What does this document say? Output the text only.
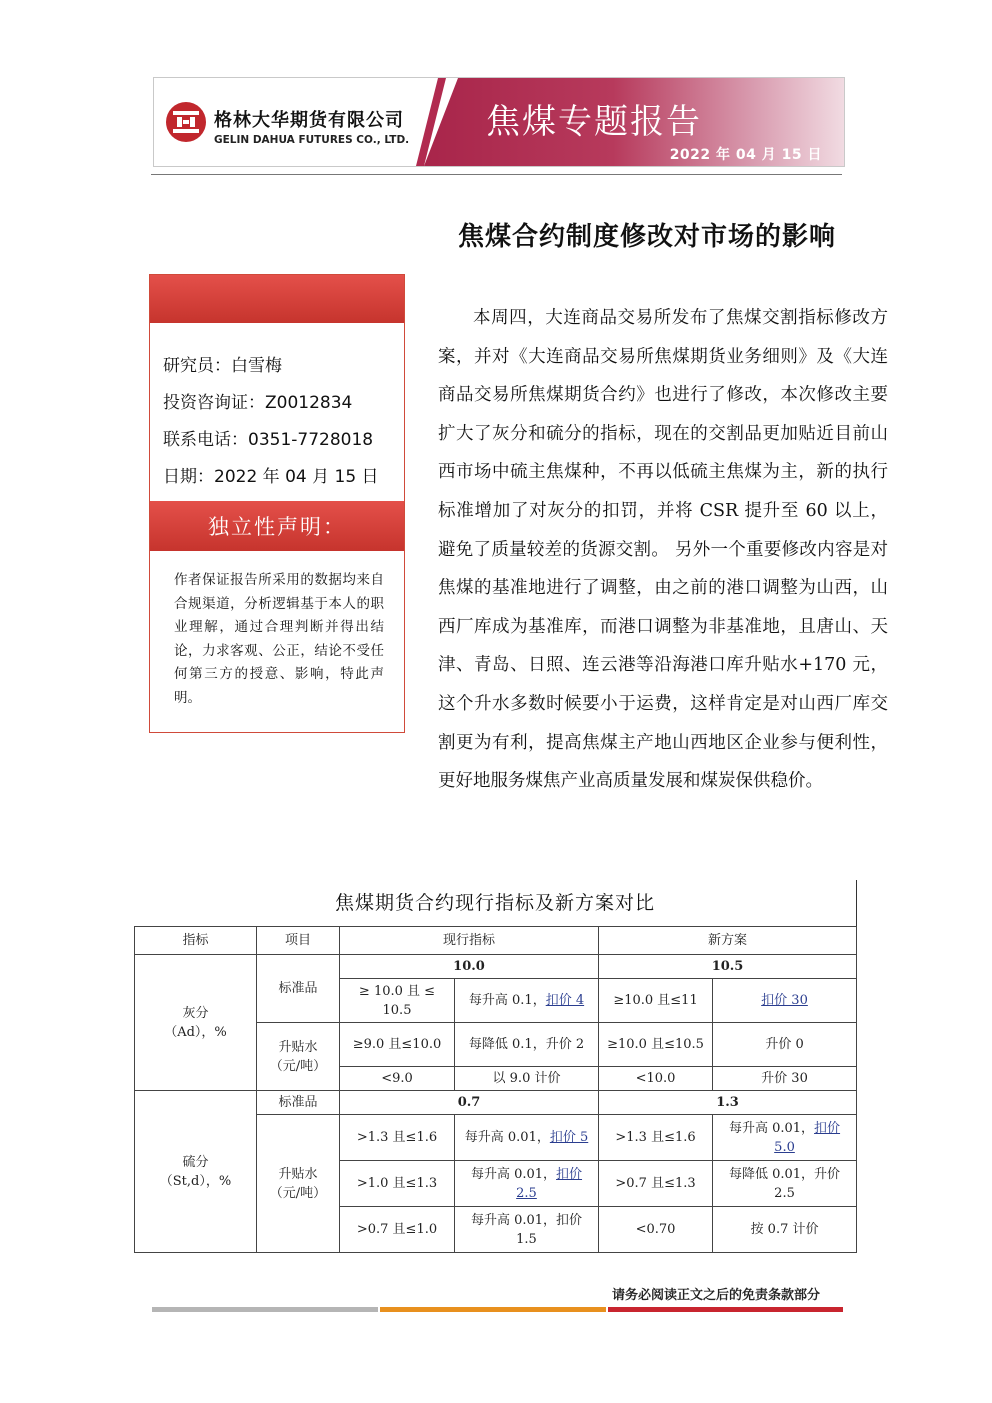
格林大华期货有限公司
GELIN DAHUA FUTURES CO., LTD. 焦煤专题报告
2022 年 04 月 15 日
焦煤合约制度修改对市场的影响
研究员：白雪梅
投资咨询证：Z0012834
联系电话：0351-7728018
日期：2022 年 04 月 15 日
独立性声明：
作者保证报告所采用的数据均来自合规渠道，分析逻辑基于本人的职业理解，通过合理判断并得出结论，力求客观、公正，结论不受任何第三方的授意、影响，特此声明。

本周四，大连商品交易所发布了焦煤交割指标修改方案，并对《大连商品交易所焦煤期货业务细则》及《大连商品交易所焦煤期货合约》也进行了修改，本次修改主要扩大了灰分和硫分的指标，现在的交割品更加贴近目前山西市场中硫主焦煤种，不再以低硫主焦煤为主，新的执行标准增加了对灰分的扣罚，并将 CSR 提升至 60 以上，避免了质量较差的货源交割。 另外一个重要修改内容是对焦煤的基准地进行了调整，由之前的港口调整为山西，山西厂库成为基准库，而港口调整为非基准地，且唐山、天津、青岛、日照、连云港等沿海港口库升贴水+170 元，这个升水多数时候要小于运费，这样肯定是对山西厂库交割更为有利，提高焦煤主产地山西地区企业参与便利性，更好地服务煤焦产业高质量发展和煤炭保供稳价。

焦煤期货合约现行指标及新方案对比
指标	项目	现行指标		新方案	
灰分
（Ad），%	标准品	10.0		10.5	
		≥ 10.0 且 ≤ 10.5	每升高 0.1，扣价 4	≥10.0 且≤11	扣价 30
	升贴水
（元/吨）	≥9.0 且≤10.0	每降低 0.1，升价 2	≥10.0 且≤10.5	升价 0
		<9.0	以 9.0 计价	<10.0	升价 30
硫分
（St,d），%	标准品	0.7		1.3	
	升贴水
（元/吨）	>1.3 且≤1.6	每升高 0.01，扣价 5	>1.3 且≤1.6	每升高 0.01，扣价 5.0
		>1.0 且≤1.3	每升高 0.01，扣价 2.5	>0.7 且≤1.3	每降低 0.01，升价 2.5
		>0.7 且≤1.0	每升高 0.01，扣价 1.5	<0.70	按 0.7 计价
请务必阅读正文之后的免责条款部分
